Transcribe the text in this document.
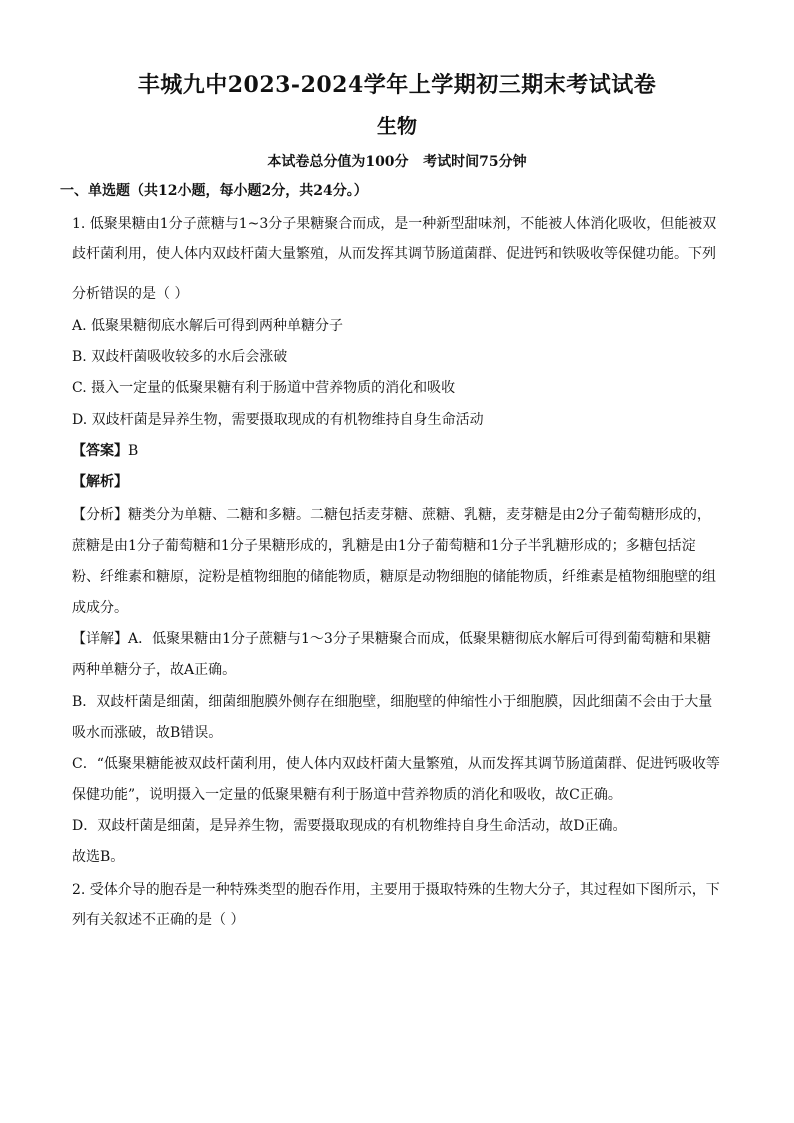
丰城九中2023-2024学年上学期初三期末考试试卷
生物
本试卷总分值为100分   考试时间75分钟
一、单选题（共12小题，每小题2分，共24分。）
1. 低聚果糖由1分子蔗糖与1~3分子果糖聚合而成，是一种新型甜味剂，不能被人体消化吸收，但能被双
歧杆菌利用，使人体内双歧杆菌大量繁殖，从而发挥其调节肠道菌群、促进钙和铁吸收等保健功能。下列
分析错误的是（ ）
A. 低聚果糖彻底水解后可得到两种单糖分子
B. 双歧杆菌吸收较多的水后会涨破
C. 摄入一定量的低聚果糖有利于肠道中营养物质的消化和吸收
D. 双歧杆菌是异养生物，需要摄取现成的有机物维持自身生命活动
【答案】B
【解析】
【分析】糖类分为单糖、二糖和多糖。二糖包括麦芽糖、蔗糖、乳糖，麦芽糖是由2分子葡萄糖形成的，
蔗糖是由1分子葡萄糖和1分子果糖形成的，乳糖是由1分子葡萄糖和1分子半乳糖形成的；多糖包括淀
粉、纤维素和糖原，淀粉是植物细胞的储能物质，糖原是动物细胞的储能物质，纤维素是植物细胞壁的组
成成分。
【详解】A．低聚果糖由1分子蔗糖与1～3分子果糖聚合而成，低聚果糖彻底水解后可得到葡萄糖和果糖
两种单糖分子，故A正确。
B．双歧杆菌是细菌，细菌细胞膜外侧存在细胞壁，细胞壁的伸缩性小于细胞膜，因此细菌不会由于大量
吸水而涨破，故B错误。
C．“低聚果糖能被双歧杆菌利用，使人体内双歧杆菌大量繁殖，从而发挥其调节肠道菌群、促进钙吸收等
保健功能”，说明摄入一定量的低聚果糖有利于肠道中营养物质的消化和吸收，故C正确。
D．双歧杆菌是细菌，是异养生物，需要摄取现成的有机物维持自身生命活动，故D正确。
故选B。
2. 受体介导的胞吞是一种特殊类型的胞吞作用，主要用于摄取特殊的生物大分子，其过程如下图所示，下
列有关叙述不正确的是（ ）
